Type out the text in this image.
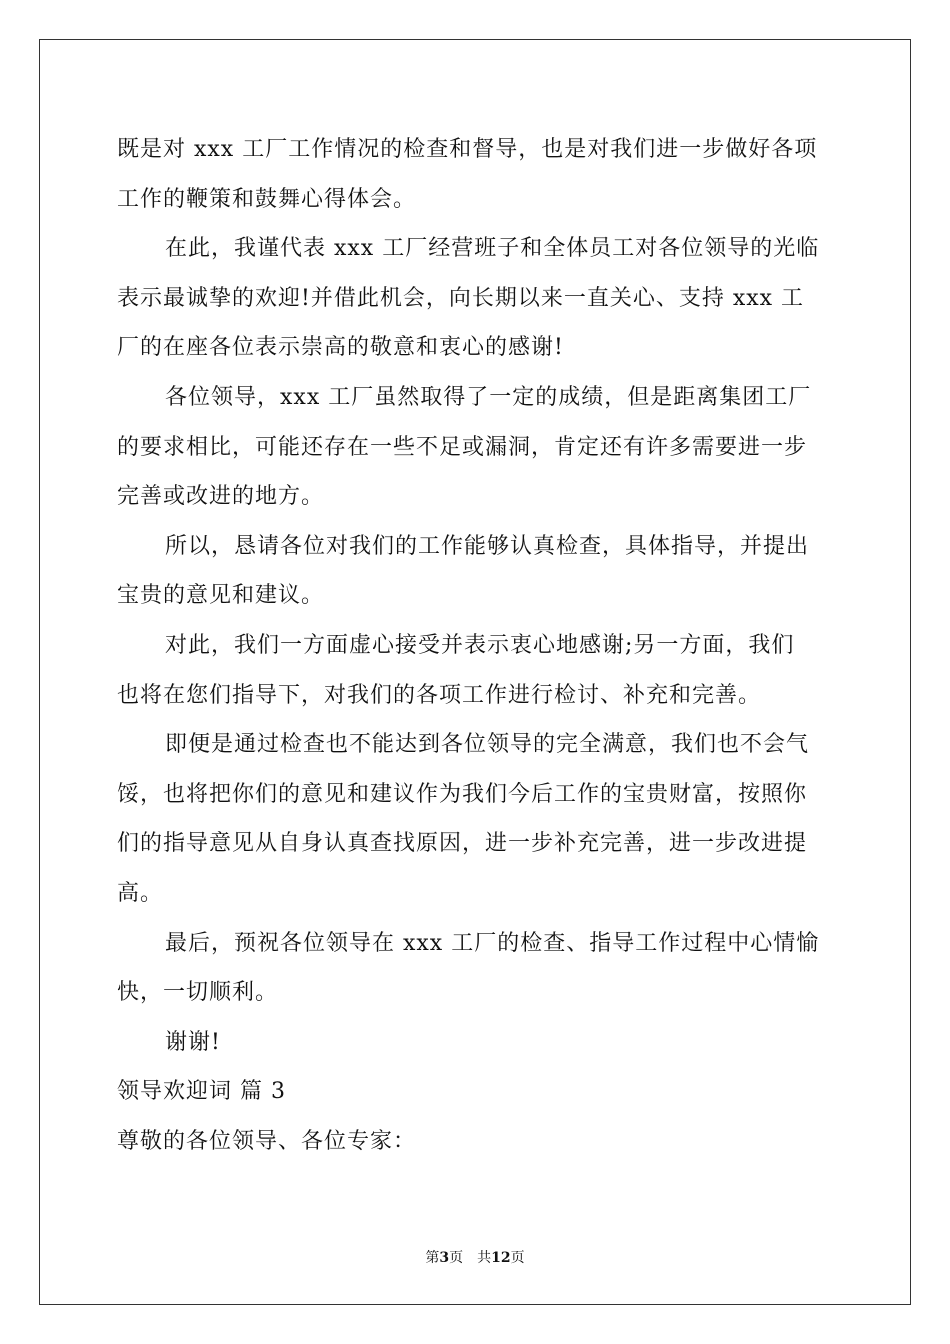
既是对 xxx 工厂工作情况的检查和督导，也是对我们进一步做好各项
工作的鞭策和鼓舞心得体会。
在此，我谨代表 xxx 工厂经营班子和全体员工对各位领导的光临
表示最诚挚的欢迎!并借此机会，向长期以来一直关心、支持 xxx 工
厂的在座各位表示崇高的敬意和衷心的感谢!
各位领导，xxx 工厂虽然取得了一定的成绩，但是距离集团工厂
的要求相比，可能还存在一些不足或漏洞，肯定还有许多需要进一步
完善或改进的地方。
所以，恳请各位对我们的工作能够认真检查，具体指导，并提出
宝贵的意见和建议。
对此，我们一方面虚心接受并表示衷心地感谢;另一方面，我们
也将在您们指导下，对我们的各项工作进行检讨、补充和完善。
即便是通过检查也不能达到各位领导的完全满意，我们也不会气
馁，也将把你们的意见和建议作为我们今后工作的宝贵财富，按照你
们的指导意见从自身认真查找原因，进一步补充完善，进一步改进提
高。
最后，预祝各位领导在 xxx 工厂的检查、指导工作过程中心情愉
快，一切顺利。
谢谢!
领导欢迎词 篇 3
尊敬的各位领导、各位专家：
第3页 共12页
